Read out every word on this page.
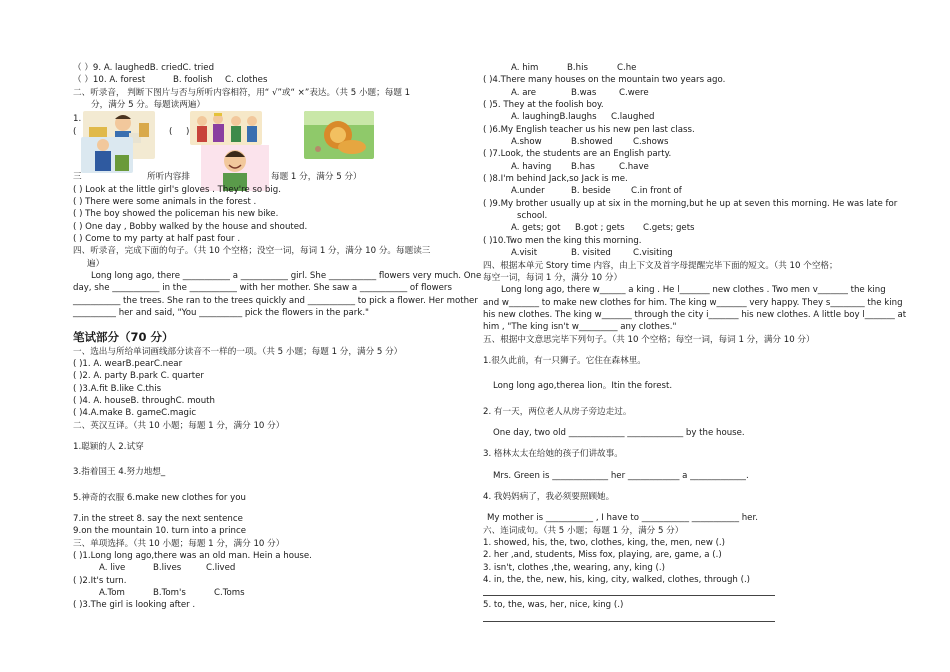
（ ）9. A. laughedB. criedC. tried
（ ）10. A. forest	B. foolish C. clothes
二、听录音， 判断下图片与否与所听内容相符，用“ √”或“ ×”表达。（共 5 小题；每题 1
分，满分 5 分。每题读两遍）
1.
(	( )
三	所听内容排	每题 1 分，满分 5 分）
( ) Look at the little girl's gloves . They're so big.
( ) There were some animals in the forest .
( ) The boy showed the policeman his new bike.
( ) One day , Bobby walked by the house and shouted.
( ) Come to my party at half past four .
四、听录音，完成下面的句子。（共 10 个空格；没空一词，每词 1 分，满分 10 分。每题读三
遍）
Long long ago, there ___________ a ___________ girl. She ___________ flowers very much. One
day, she ___________ in the ___________ with her mother. She saw a ___________ of flowers
___________ the trees. She ran to the trees quickly and ___________ to pick a flower. Her mother
__________ her and said, "You __________ pick the flowers in the park."
笔试部分（70 分）
一、选出与所给单词画线部分读音不一样的一项。（共 5 小题；每题 1 分，满分 5 分）
( )1. A. wearB.pearC.near
( )2. A. party B.park C. quarter
( )3.A.fit B.like C.this
( )4. A. houseB. throughC. mouth
( )4.A.make B. gameC.magic
二、英汉互译。（共 10 小题；每题 1 分，满分 10 分）
1.聪颖的人 2.试穿
3.指着国王 4.努力地想_
5.神奇的衣服 6.make new clothes for you
7.in the street 8. say the next sentence
9.on the mountain 10. turn into a prince
三、单项选择。（共 10 小题；每题 1 分，满分 10 分）
( )1.Long long ago,there was an old man. Hein a house.
A. live	B.lives	C.lived

( )2.It's turn.
A.Tom	B.Tom's	C.Toms

( )3.The girl is looking after .
A. him	B.his	C.he

( )4.There many houses on the mountain two years ago.
A. are	B.was	C.were

( )5. They at the foolish boy.
A. laughingB.laughs C.laughed

( )6.My English teacher us his new pen last class.
A.show	B.showed C.shows

( )7.Look, the students are an English party.
A. having B.has	C.have

( )8.I'm behind Jack,so Jack is me.
A.under	B. beside C.in front of

( )9.My brother usually up at six in the morning,but he up at seven this morning. He was late for
school.
A. gets; got B.got ; gets C.gets; gets

( )10.Two men the king this morning.
A.visit	B. visited	C.visiting

四、根据本单元 Story time 内容，由上下文及首字母提醒完毕下面的短文。（共 10 个空格；
每空一词，每词 1 分，满分 10 分）
Long long ago, there w______ a king . He l_______ new clothes . Two men v_______ the king
and w_______ to make new clothes for him. The king w_______ very happy. They s________ the king
his new clothes. The king w_______ through the city i_______ his new clothes. A little boy l_______ at
him , "The king isn't w_________ any clothes."
五、根据中文意思完毕下列句子。（共 10 个空格；每空一词，每词 1 分，满分 10 分）
1.很久此前，有一只狮子。它住在森林里。
Long long ago,therea lion。Itin the forest.
2. 有一天，两位老人从房子旁边走过。
One day, two old _____________ _____________ by the house.
3. 格林太太在给她的孩子们讲故事。
Mrs. Green is _____________ her ____________ a _____________.
4. 我妈妈病了，我必须要照顾她。
My mother is ___________ , I have to ___________ ___________ her.
六、连词成句。（共 5 小题；每题 1 分，满分 5 分）
1. showed, his, the, two, clothes, king, the, men, new (.)
2. her ,and, students, Miss fox, playing, are, game, a (.)
3. isn't, clothes ,the, wearing, any, king (.)
4. in, the, the, new, his, king, city, walked, clothes, through (.)
5. to, the, was, her, nice, king (.)
